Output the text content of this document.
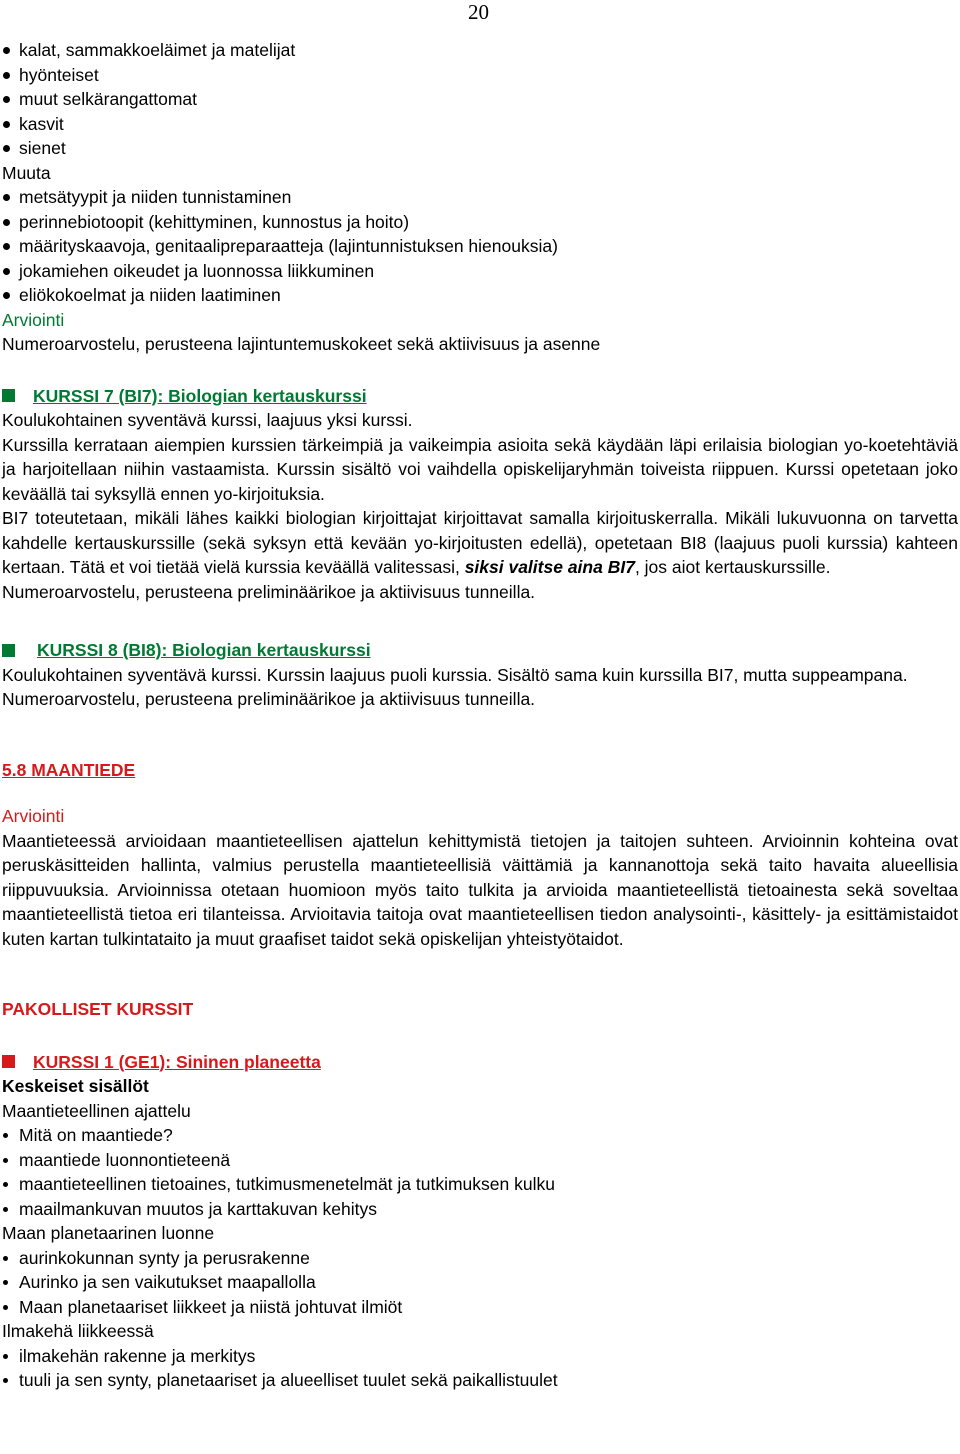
20
kalat, sammakkoeläimet ja matelijat
hyönteiset
muut selkärangattomat
kasvit
sienet

Muuta

metsätyypit ja niiden tunnistaminen
perinnebiotoopit (kehittyminen, kunnostus ja hoito)
määrityskaavoja, genitaalipreparaatteja (lajintunnistuksen hienouksia)
jokamiehen oikeudet ja luonnossa liikkuminen
eliökokoelmat ja niiden laatiminen

Arviointi

Numeroarvostelu, perusteena lajintuntemuskokeet sekä aktiivisuus ja asenne

KURSSI 7 (BI7): Biologian kertauskurssi

Koulukohtainen syventävä kurssi, laajuus yksi kurssi.

Kurssilla kerrataan aiempien kurssien tärkeimpiä ja vaikeimpia asioita sekä käydään läpi erilaisia biologian yo-koetehtäviä ja harjoitellaan niihin vastaamista. Kurssin sisältö voi vaihdella opiskelijaryhmän toiveista riippuen. Kurssi opetetaan joko keväällä tai syksyllä ennen yo-kirjoituksia.

BI7 toteutetaan, mikäli lähes kaikki biologian kirjoittajat kirjoittavat samalla kirjoituskerralla. Mikäli lukuvuonna on tarvetta kahdelle kertauskurssille (sekä syksyn että kevään yo-kirjoitusten edellä), opetetaan BI8 (laajuus puoli kurssia) kahteen kertaan. Tätä et voi tietää vielä kurssia keväällä valitessasi, siksi valitse aina BI7, jos aiot kertauskurssille.

Numeroarvostelu, perusteena preliminäärikoe ja aktiivisuus tunneilla.

KURSSI 8 (BI8): Biologian kertauskurssi

Koulukohtainen syventävä kurssi. Kurssin laajuus puoli kurssia. Sisältö sama kuin kurssilla BI7, mutta suppeampana.

Numeroarvostelu, perusteena preliminäärikoe ja aktiivisuus tunneilla.

5.8 MAANTIEDE

Arviointi

Maantieteessä arvioidaan maantieteellisen ajattelun kehittymistä tietojen ja taitojen suhteen. Arvioinnin kohteina ovat peruskäsitteiden hallinta, valmius perustella maantieteellisiä väittämiä ja kannanottoja sekä taito havaita alueellisia riippuvuuksia. Arvioinnissa otetaan huomioon myös taito tulkita ja arvioida maantieteellistä tietoainesta sekä soveltaa maantieteellistä tietoa eri tilanteissa. Arvioitavia taitoja ovat maantieteellisen tiedon analysointi-, käsittely- ja esittämistaidot kuten kartan tulkintataito ja muut graafiset taidot sekä opiskelijan yhteistyötaidot.

PAKOLLISET KURSSIT

KURSSI 1 (GE1): Sininen planeetta

Keskeiset sisällöt

Maantieteellinen ajattelu

Mitä on maantiede?
maantiede luonnontieteenä
maantieteellinen tietoaines, tutkimusmenetelmät ja tutkimuksen kulku
maailmankuvan muutos ja karttakuvan kehitys

Maan planetaarinen luonne

aurinkokunnan synty ja perusrakenne
Aurinko ja sen vaikutukset maapallolla
Maan planetaariset liikkeet ja niistä johtuvat ilmiöt

Ilmakehä liikkeessä

ilmakehän rakenne ja merkitys
tuuli ja sen synty, planetaariset ja alueelliset tuulet sekä paikallistuulet
